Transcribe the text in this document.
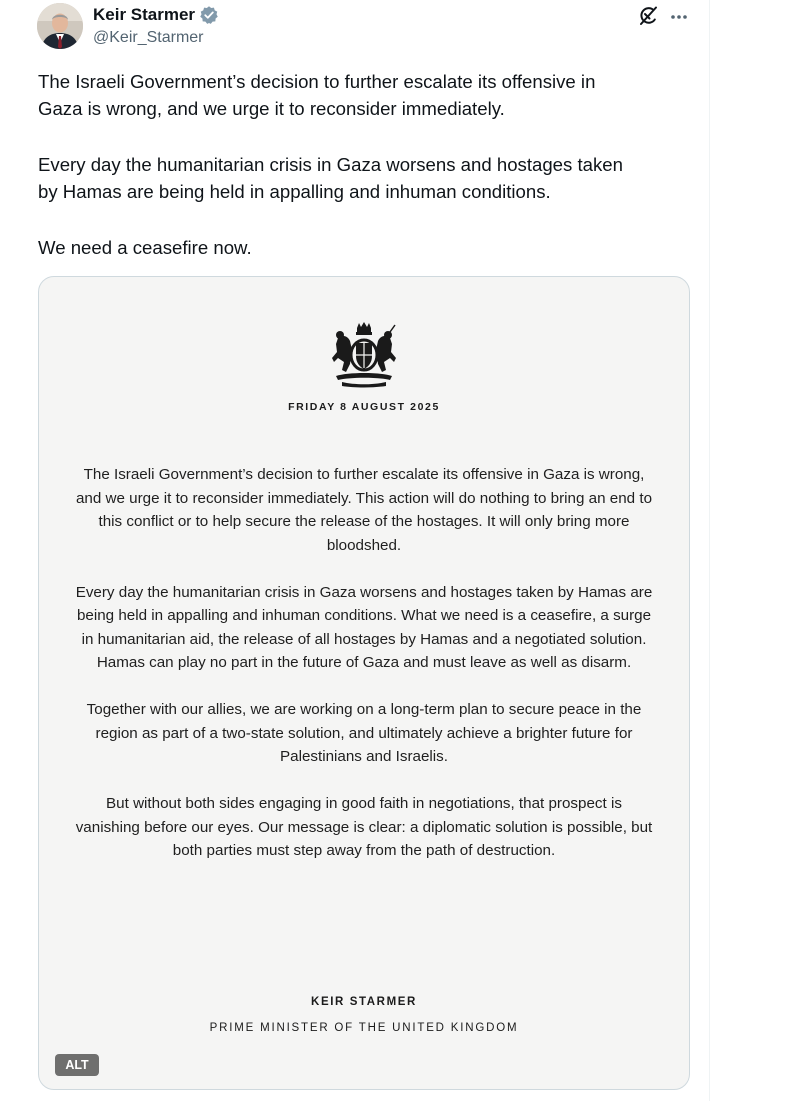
Keir Starmer
@Keir_Starmer

The Israeli Government’s decision to further escalate its offensive in
Gaza is wrong, and we urge it to reconsider immediately.

Every day the humanitarian crisis in Gaza worsens and hostages taken
by Hamas are being held in appalling and inhuman conditions.

We need a ceasefire now.

FRIDAY 8 AUGUST 2025

The Israeli Government’s decision to further escalate its offensive in Gaza is wrong, and we urge it to reconsider immediately. This action will do nothing to bring an end to this conflict or to help secure the release of the hostages. It will only bring more bloodshed.

Every day the humanitarian crisis in Gaza worsens and hostages taken by Hamas are being held in appalling and inhuman conditions. What we need is a ceasefire, a surge in humanitarian aid, the release of all hostages by Hamas and a negotiated solution. Hamas can play no part in the future of Gaza and must leave as well as disarm.

Together with our allies, we are working on a long-term plan to secure peace in the region as part of a two-state solution, and ultimately achieve a brighter future for Palestinians and Israelis.

But without both sides engaging in good faith in negotiations, that prospect is vanishing before our eyes. Our message is clear: a diplomatic solution is possible, but both parties must step away from the path of destruction.

KEIR STARMER
PRIME MINISTER OF THE UNITED KINGDOM
ALT
